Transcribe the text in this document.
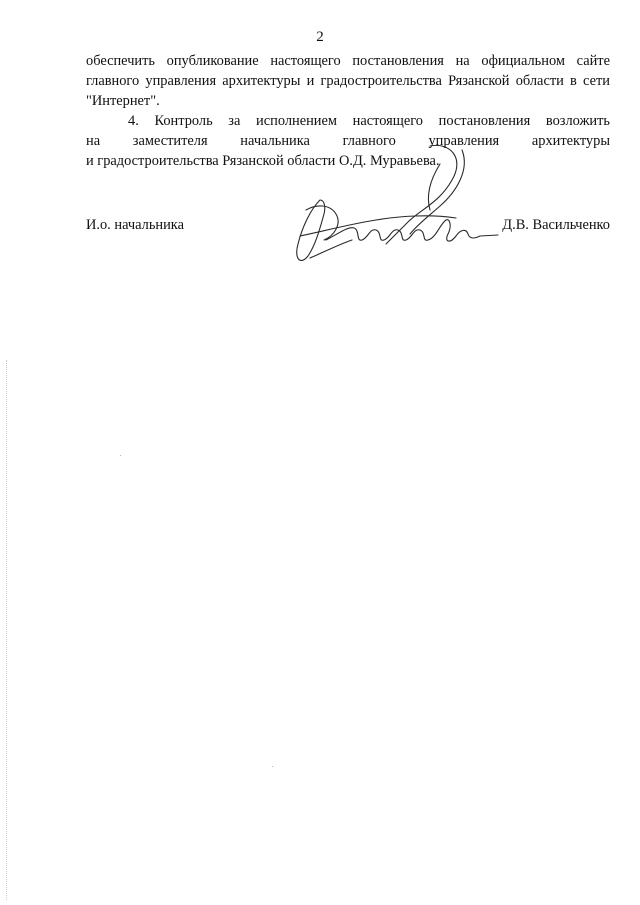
2

обеспечить опубликование настоящего постановления на официальном сайте
главного управления архитектуры и градостроительства Рязанской области в сети
"Интернет".

4. Контроль за исполнением настоящего постановления возложить
на заместителя начальника главного управления архитектуры
и градостроительства Рязанской области О.Д. Муравьева.

И.о. начальника	Д.В. Васильченко
